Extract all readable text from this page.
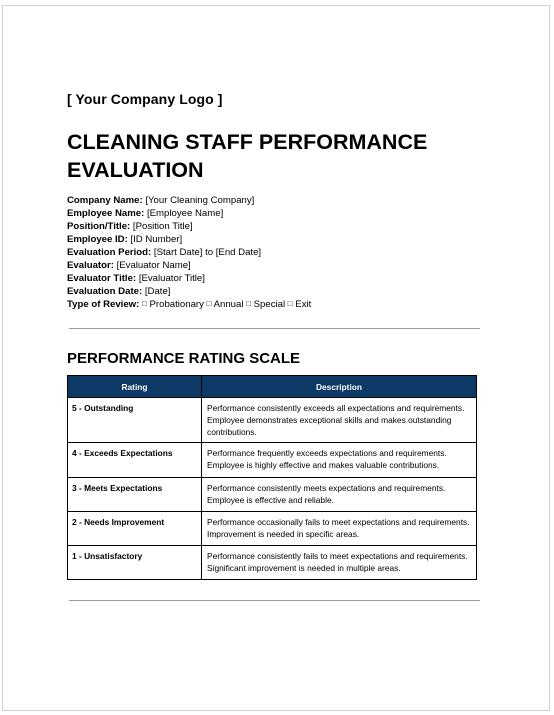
[ Your Company Logo ]
CLEANING STAFF PERFORMANCE EVALUATION
Company Name: [Your Cleaning Company]
Employee Name: [Employee Name]
Position/Title: [Position Title]
Employee ID: [ID Number]
Evaluation Period: [Start Date] to [End Date]
Evaluator: [Evaluator Name]
Evaluator Title: [Evaluator Title]
Evaluation Date: [Date]
Type of Review: □ Probationary □ Annual □ Special □ Exit
PERFORMANCE RATING SCALE
Rating	Description
5 - Outstanding	Performance consistently exceeds all expectations and requirements. Employee demonstrates exceptional skills and makes outstanding contributions.
4 - Exceeds Expectations	Performance frequently exceeds expectations and requirements. Employee is highly effective and makes valuable contributions.
3 - Meets Expectations	Performance consistently meets expectations and requirements. Employee is effective and reliable.
2 - Needs Improvement	Performance occasionally fails to meet expectations and requirements. Improvement is needed in specific areas.
1 - Unsatisfactory	Performance consistently fails to meet expectations and requirements. Significant improvement is needed in multiple areas.
